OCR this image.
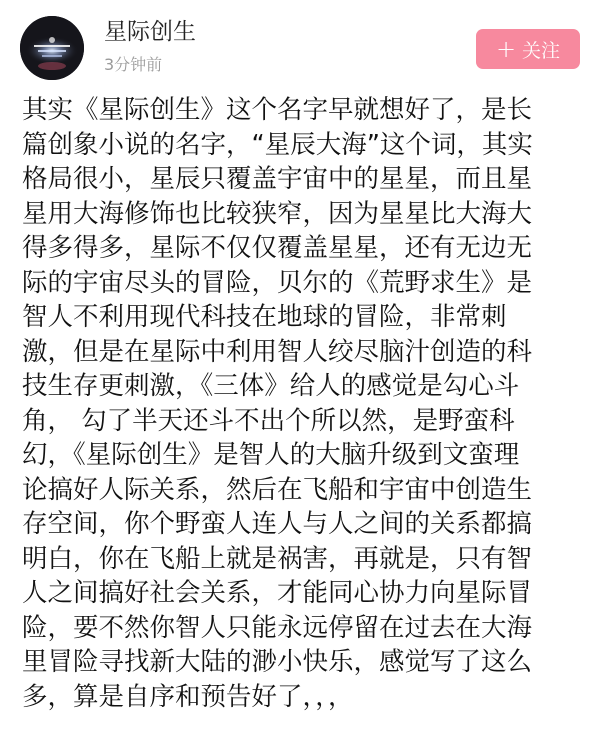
星际创生
3分钟前
+ 关注
其实《星际创生》这个名字早就想好了，是长
篇创象小说的名字，“星辰大海”这个词，其实
格局很小，星辰只覆盖宇宙中的星星，而且星
星用大海修饰也比较狭窄，因为星星比大海大
得多得多，星际不仅仅覆盖星星，还有无边无
际的宇宙尽头的冒险，贝尔的《荒野求生》是
智人不利用现代科技在地球的冒险，非常刺
激，但是在星际中利用智人绞尽脑汁创造的科
技生存更刺激，《三体》给人的感觉是勾心斗
角， 勾了半天还斗不出个所以然，是野蛮科
幻，《星际创生》是智人的大脑升级到文蛮理
论搞好人际关系，然后在飞船和宇宙中创造生
存空间，你个野蛮人连人与人之间的关系都搞
明白，你在飞船上就是祸害，再就是，只有智
人之间搞好社会关系，才能同心协力向星际冒
险，要不然你智人只能永远停留在过去在大海
里冒险寻找新大陆的渺小快乐，感觉写了这么
多，算是自序和预告好了，，，
